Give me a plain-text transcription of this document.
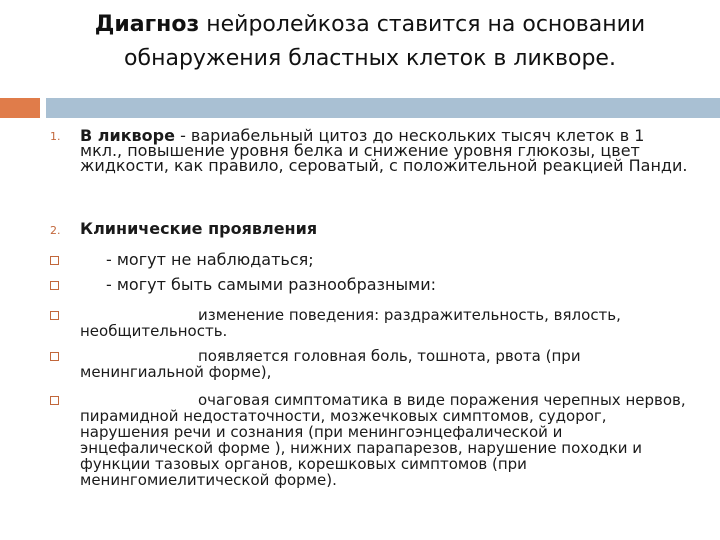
Диагноз нейролейкоза ставится на основании
обнаружения бластных клеток в ликворе.
1. В ликворе - вариабельный цитоз до нескольких тысяч клеток в 1 мкл., повышение уровня белка и снижение уровня глюкозы, цвет жидкости, как правило, сероватый, с положительной реакцией Панди.
2. Клинические проявления
- могут не наблюдаться;
- могут быть самыми разнообразными:
изменение поведения: раздражительность, вялость, необщительность.
появляется головная боль, тошнота, рвота (при менингиальной форме),
очаговая симптоматика в виде поражения черепных нервов, пирамидной недостаточности, мозжечковых симптомов, судорог, нарушения речи и сознания (при менингоэнцефалической и энцефалической форме ), нижних парапарезов, нарушение походки и функции тазовых органов, корешковых симптомов (при менингомиелитической форме).
